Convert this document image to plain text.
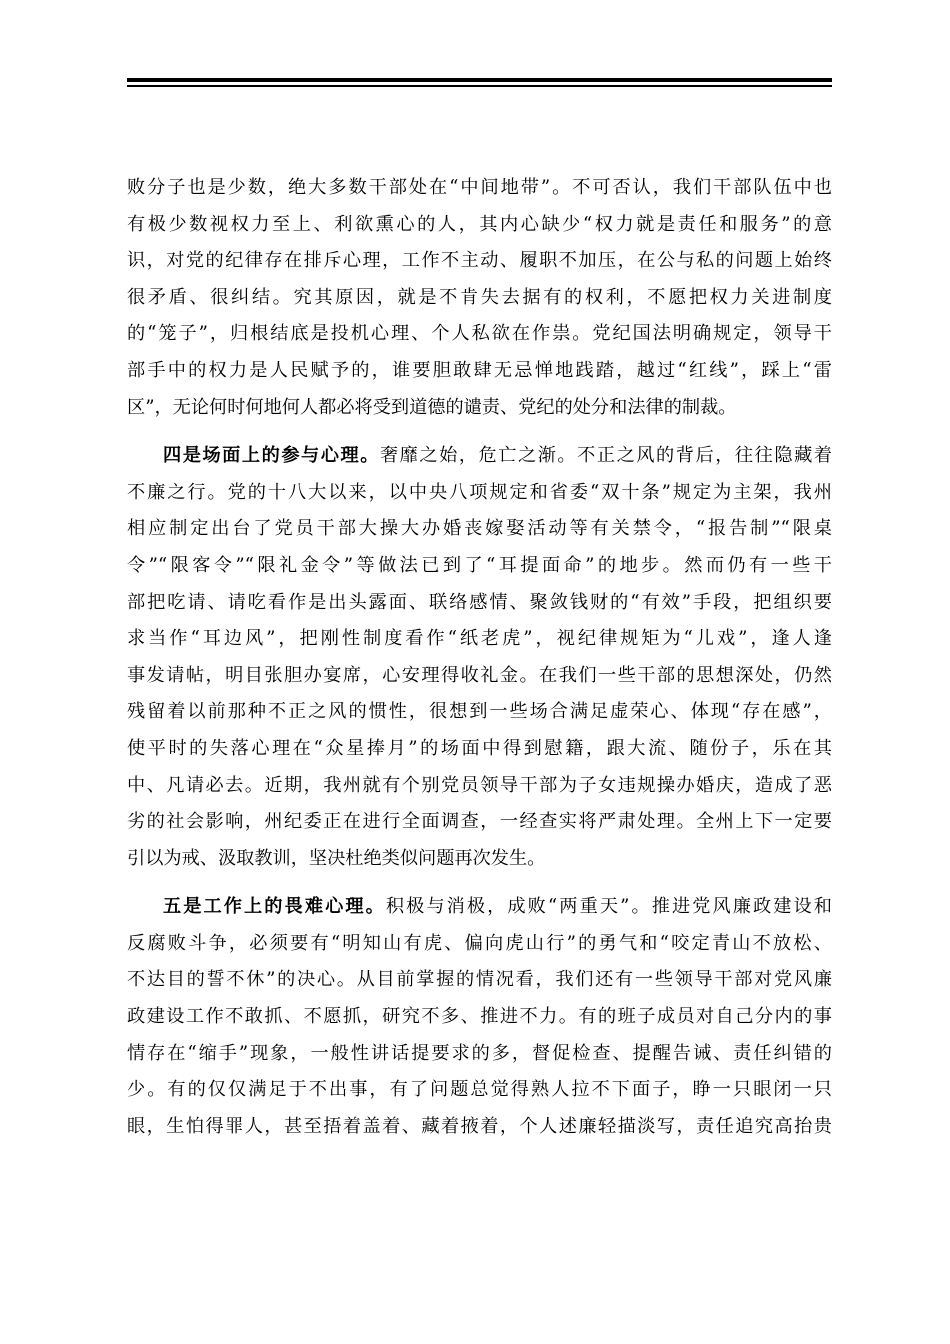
败分子也是少数，绝大多数干部处在“中间地带”。不可否认，我们干部队伍中也
有极少数视权力至上、利欲熏心的人，其内心缺少“权力就是责任和服务”的意
识，对党的纪律存在排斥心理，工作不主动、履职不加压，在公与私的问题上始终
很矛盾、很纠结。究其原因，就是不肯失去据有的权利，不愿把权力关进制度
的“笼子”，归根结底是投机心理、个人私欲在作祟。党纪国法明确规定，领导干
部手中的权力是人民赋予的，谁要胆敢肆无忌惮地践踏，越过“红线”，踩上“雷
区”，无论何时何地何人都必将受到道德的谴责、党纪的处分和法律的制裁。
四是场面上的参与心理。奢靡之始，危亡之渐。不正之风的背后，往往隐藏着
不廉之行。党的十八大以来，以中央八项规定和省委“双十条”规定为主架，我州
相应制定出台了党员干部大操大办婚丧嫁娶活动等有关禁令，“报告制”“限桌
令”“限客令”“限礼金令”等做法已到了“耳提面命”的地步。然而仍有一些干
部把吃请、请吃看作是出头露面、联络感情、聚敛钱财的“有效”手段，把组织要
求当作“耳边风”，把刚性制度看作“纸老虎”，视纪律规矩为“儿戏”，逢人逢
事发请帖，明目张胆办宴席，心安理得收礼金。在我们一些干部的思想深处，仍然
残留着以前那种不正之风的惯性，很想到一些场合满足虚荣心、体现“存在感”，
使平时的失落心理在“众星捧月”的场面中得到慰籍，跟大流、随份子，乐在其
中、凡请必去。近期，我州就有个别党员领导干部为子女违规操办婚庆，造成了恶
劣的社会影响，州纪委正在进行全面调查，一经查实将严肃处理。全州上下一定要
引以为戒、汲取教训，坚决杜绝类似问题再次发生。
五是工作上的畏难心理。积极与消极，成败“两重天”。推进党风廉政建设和
反腐败斗争，必须要有“明知山有虎、偏向虎山行”的勇气和“咬定青山不放松、
不达目的誓不休”的决心。从目前掌握的情况看，我们还有一些领导干部对党风廉
政建设工作不敢抓、不愿抓，研究不多、推进不力。有的班子成员对自己分内的事
情存在“缩手”现象，一般性讲话提要求的多，督促检查、提醒告诫、责任纠错的
少。有的仅仅满足于不出事，有了问题总觉得熟人拉不下面子，睁一只眼闭一只
眼，生怕得罪人，甚至捂着盖着、藏着掖着，个人述廉轻描淡写，责任追究高抬贵
